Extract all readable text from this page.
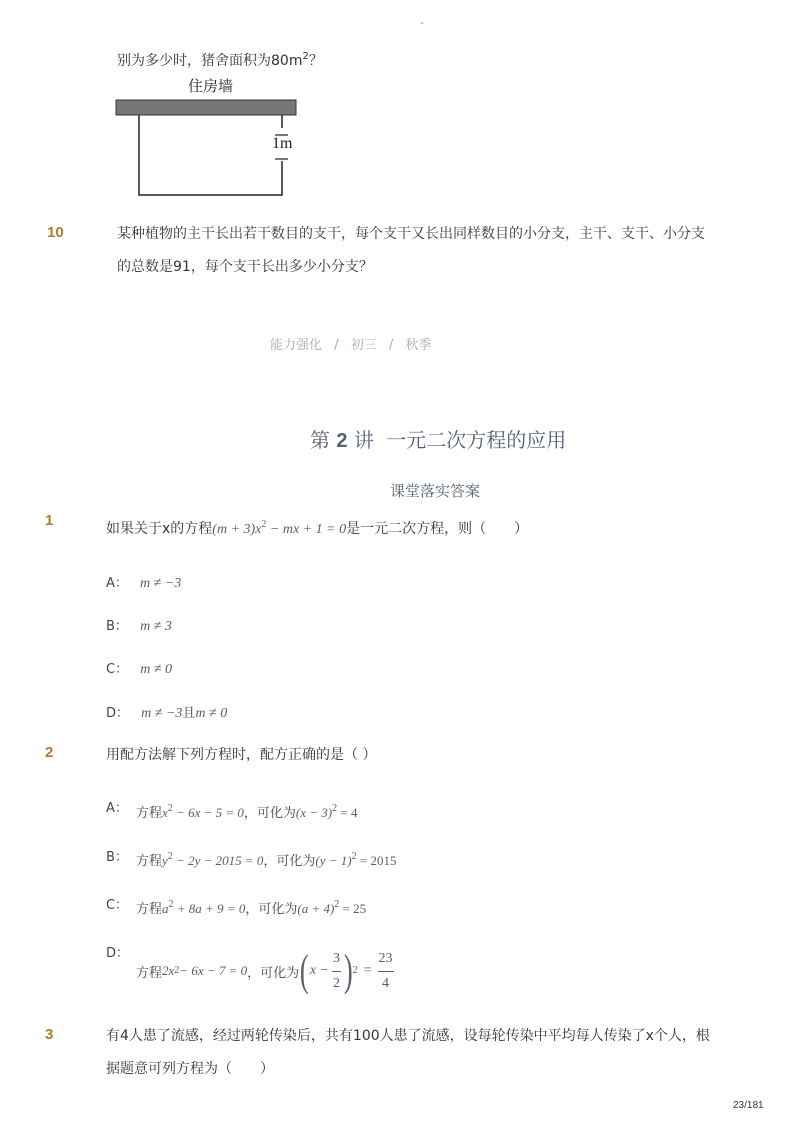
-
别为多少时，猪舍面积为$80m^2$？
住房墙
1m
10	某种植物的主干长出若干数目的支干，每个支干又长出同样数目的小分支，主干、支干、小分支
的总数是91，每个支干长出多少小分支？
能力强化 / 初三 / 秋季
第 2 讲 一元二次方程的应用
课堂落实答案
1	如果关于x的方程$(m + 3)x^2$ − mx + 1 = 0是一元二次方程，则（　　）
A： m ≠ −3
B： m ≠ 3
C： m ≠ 0
D： m ≠ −3且m ≠ 0
2	用配方法解下列方程时，配方正确的是（ ）
A： 方程$x^2 - 6x - 5 = 0$，可化为$(x - 3)^2 = 4$
B： 方程$y^2 - 2y - 2015 = 0$，可化为$(y - 1)^2 = 2015$
C： 方程$a^2 + 8a + 9 = 0$，可化为$(a + 4)^2 = 25$
D：
方程 2x 2 − 6x − 7 = 0 ，可化为 ( x −
3
2 ) 2 =
23
4
3	有4人患了流感，经过两轮传染后，共有100人患了流感，设每轮传染中平均每人传染了x个人，根
据题意可列方程为（　　）
23/181
